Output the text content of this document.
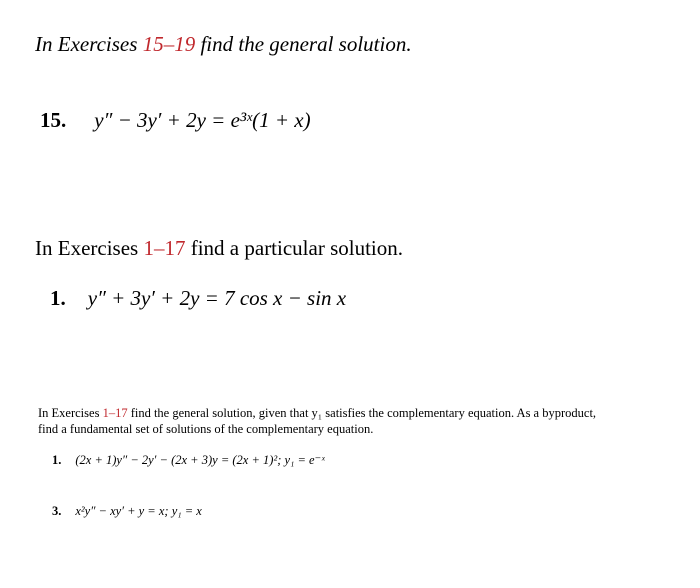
In Exercises 15–19 find the general solution.
15. y″ − 3y′ + 2y = e³ˣ(1 + x)
In Exercises 1–17 find a particular solution.
1. y″ + 3y′ + 2y = 7 cos x − sin x
In Exercises 1–17 find the general solution, given that y₁ satisfies the complementary equation. As a byproduct, find a fundamental set of solutions of the complementary equation.
1. (2x + 1)y″ − 2y′ − (2x + 3)y = (2x + 1)²; y₁ = e⁻ˣ
3. x²y″ − xy′ + y = x; y₁ = x
